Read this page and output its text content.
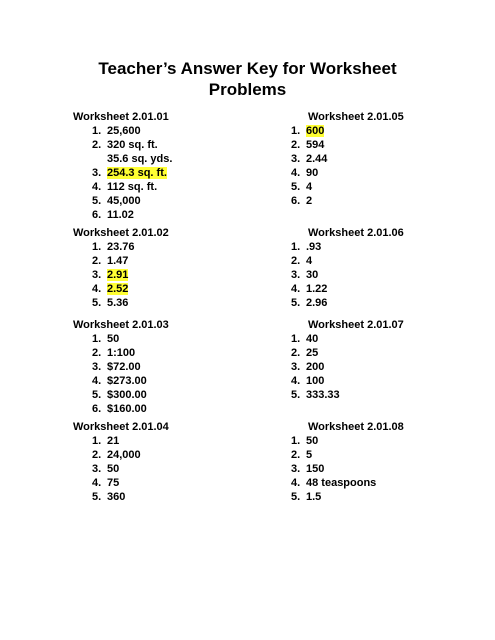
Teacher’s Answer Key for Worksheet
Problems
Worksheet 2.01.01
1. 25,600
2. 320 sq. ft.
35.6 sq. yds.
3. 254.3 sq. ft.
4. 112 sq. ft.
5. 45,000
6. 11.02
Worksheet 2.01.02
1. 23.76
2. 1.47
3. 2.91
4. 2.52
5. 5.36
Worksheet 2.01.03
1. 50
2. 1:100
3. $72.00
4. $273.00
5. $300.00
6. $160.00
Worksheet 2.01.04
1. 21
2. 24,000
3. 50
4. 75
5. 360
Worksheet 2.01.05
1. 600
2. 594
3. 2.44
4. 90
5. 4
6. 2
Worksheet 2.01.06
1. .93
2. 4
3. 30
4. 1.22
5. 2.96
Worksheet 2.01.07
1. 40
2. 25
3. 200
4. 100
5. 333.33
Worksheet 2.01.08
1. 50
2. 5
3. 150
4. 48 teaspoons
5. 1.5
